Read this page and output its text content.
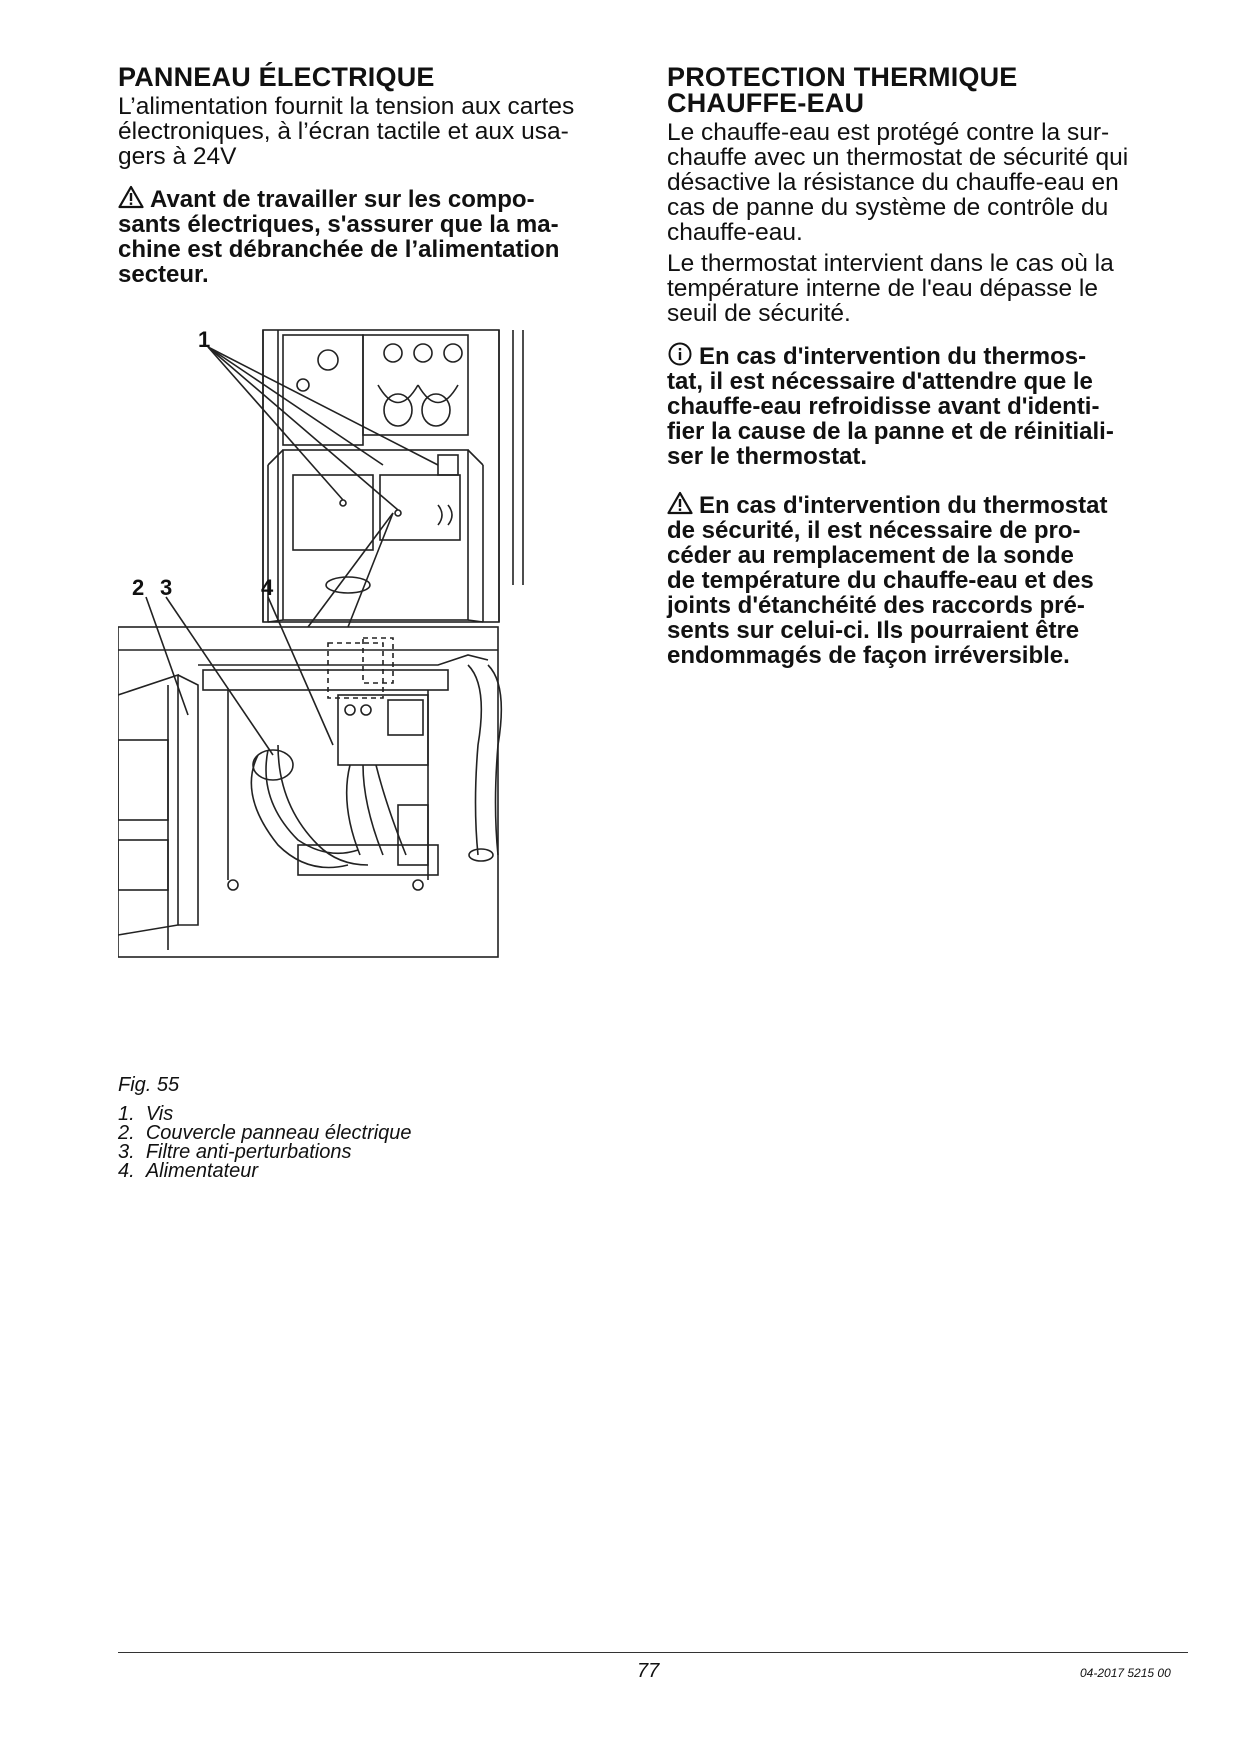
PANNEAU ÉLECTRIQUE

L’alimentation fournit la tension aux cartes
électroniques, à l’écran tactile et aux usa-
gers à 24V

Avant de travailler sur les compo-
sants électriques, s'assurer que la ma-
chine est débranchée de l’alimentation
secteur.

1
2 3	4
Fig. 55
1. Vis
2. Couvercle panneau électrique
3. Filtre anti-perturbations
4. Alimentateur
PROTECTION THERMIQUE
CHAUFFE-EAU

Le chauffe-eau est protégé contre la sur-
chauffe avec un thermostat de sécurité qui
désactive la résistance du chauffe-eau en
cas de panne du système de contrôle du
chauffe-eau.

Le thermostat intervient dans le cas où la
température interne de l'eau dépasse le
seuil de sécurité.

En cas d'intervention du thermos-
tat, il est nécessaire d'attendre que le
chauffe-eau refroidisse avant d'identi-
fier la cause de la panne et de réinitiali-
ser le thermostat.

En cas d'intervention du thermostat
de sécurité, il est nécessaire de pro-
céder au remplacement de la sonde
de température du chauffe-eau et des
joints d'étanchéité des raccords pré-
sents sur celui-ci. Ils pourraient être
endommagés de façon irréversible.

77	04-2017 5215 00
